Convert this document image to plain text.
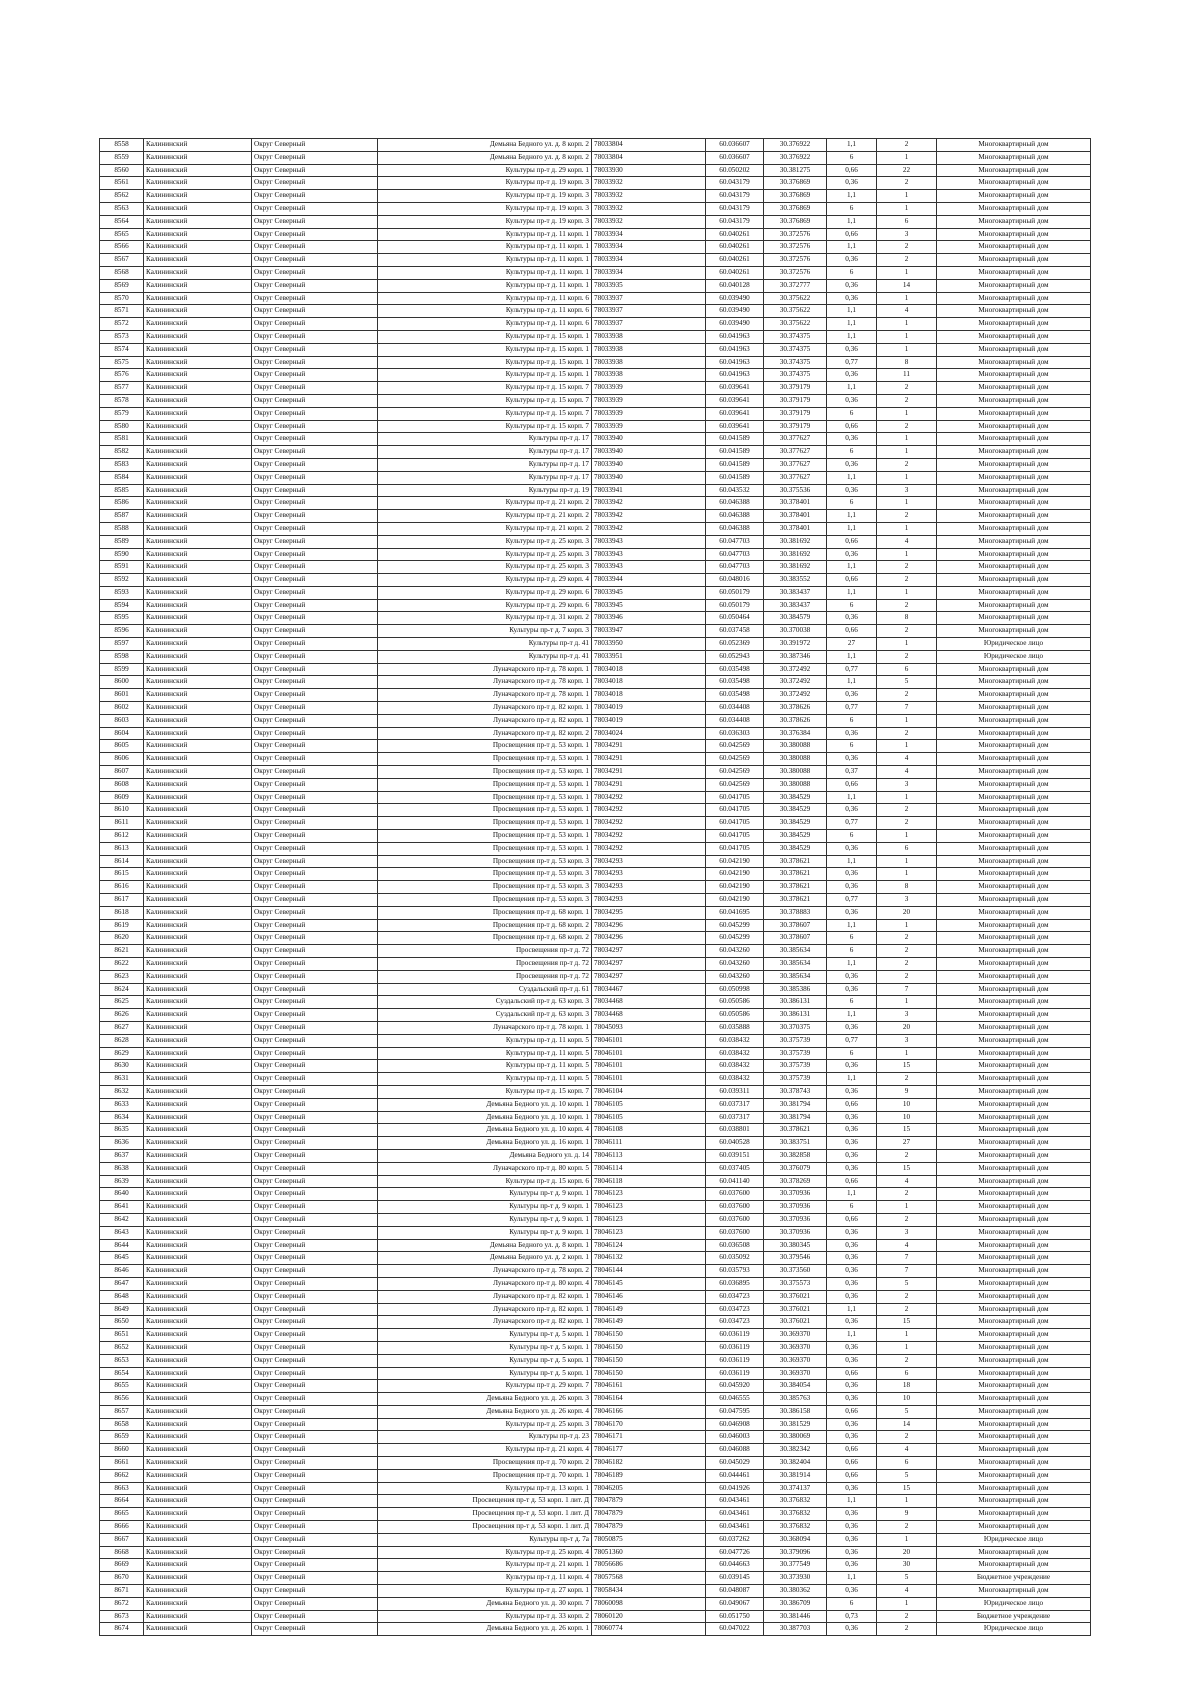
8558	Калининский	Округ Северный	Демьяна Бедного ул. д. 8 корп. 2	78033804	60.036607	30.376922	1,1	2	Многоквартирный дом
8559	Калининский	Округ Северный	Демьяна Бедного ул. д. 8 корп. 2	78033804	60.036607	30.376922	6	1	Многоквартирный дом
8560	Калининский	Округ Северный	Культуры пр-т д. 29 корп. 1	78033930	60.050202	30.381275	0,66	22	Многоквартирный дом
8561	Калининский	Округ Северный	Культуры пр-т д. 19 корп. 3	78033932	60.043179	30.376869	0,36	2	Многоквартирный дом
8562	Калининский	Округ Северный	Культуры пр-т д. 19 корп. 3	78033932	60.043179	30.376869	1,1	1	Многоквартирный дом
8563	Калининский	Округ Северный	Культуры пр-т д. 19 корп. 3	78033932	60.043179	30.376869	6	1	Многоквартирный дом
8564	Калининский	Округ Северный	Культуры пр-т д. 19 корп. 3	78033932	60.043179	30.376869	1,1	6	Многоквартирный дом
8565	Калининский	Округ Северный	Культуры пр-т д. 11 корп. 1	78033934	60.040261	30.372576	0,66	3	Многоквартирный дом
8566	Калининский	Округ Северный	Культуры пр-т д. 11 корп. 1	78033934	60.040261	30.372576	1,1	2	Многоквартирный дом
8567	Калининский	Округ Северный	Культуры пр-т д. 11 корп. 1	78033934	60.040261	30.372576	0,36	2	Многоквартирный дом
8568	Калининский	Округ Северный	Культуры пр-т д. 11 корп. 1	78033934	60.040261	30.372576	6	1	Многоквартирный дом
8569	Калининский	Округ Северный	Культуры пр-т д. 11 корп. 1	78033935	60.040128	30.372777	0,36	14	Многоквартирный дом
8570	Калининский	Округ Северный	Культуры пр-т д. 11 корп. 6	78033937	60.039490	30.375622	0,36	1	Многоквартирный дом
8571	Калининский	Округ Северный	Культуры пр-т д. 11 корп. 6	78033937	60.039490	30.375622	1,1	4	Многоквартирный дом
8572	Калининский	Округ Северный	Культуры пр-т д. 11 корп. 6	78033937	60.039490	30.375622	1,1	1	Многоквартирный дом
8573	Калининский	Округ Северный	Культуры пр-т д. 15 корп. 1	78033938	60.041963	30.374375	1,1	1	Многоквартирный дом
8574	Калининский	Округ Северный	Культуры пр-т д. 15 корп. 1	78033938	60.041963	30.374375	0,36	1	Многоквартирный дом
8575	Калининский	Округ Северный	Культуры пр-т д. 15 корп. 1	78033938	60.041963	30.374375	0,77	8	Многоквартирный дом
8576	Калининский	Округ Северный	Культуры пр-т д. 15 корп. 1	78033938	60.041963	30.374375	0,36	11	Многоквартирный дом
8577	Калининский	Округ Северный	Культуры пр-т д. 15 корп. 7	78033939	60.039641	30.379179	1,1	2	Многоквартирный дом
8578	Калининский	Округ Северный	Культуры пр-т д. 15 корп. 7	78033939	60.039641	30.379179	0,36	2	Многоквартирный дом
8579	Калининский	Округ Северный	Культуры пр-т д. 15 корп. 7	78033939	60.039641	30.379179	6	1	Многоквартирный дом
8580	Калининский	Округ Северный	Культуры пр-т д. 15 корп. 7	78033939	60.039641	30.379179	0,66	2	Многоквартирный дом
8581	Калининский	Округ Северный	Культуры пр-т д. 17	78033940	60.041589	30.377627	0,36	1	Многоквартирный дом
8582	Калининский	Округ Северный	Культуры пр-т д. 17	78033940	60.041589	30.377627	6	1	Многоквартирный дом
8583	Калининский	Округ Северный	Культуры пр-т д. 17	78033940	60.041589	30.377627	0,36	2	Многоквартирный дом
8584	Калининский	Округ Северный	Культуры пр-т д. 17	78033940	60.041589	30.377627	1,1	1	Многоквартирный дом
8585	Калининский	Округ Северный	Культуры пр-т д. 19	78033941	60.043532	30.375536	0,36	3	Многоквартирный дом
8586	Калининский	Округ Северный	Культуры пр-т д. 21 корп. 2	78033942	60.046388	30.378401	6	1	Многоквартирный дом
8587	Калининский	Округ Северный	Культуры пр-т д. 21 корп. 2	78033942	60.046388	30.378401	1,1	2	Многоквартирный дом
8588	Калининский	Округ Северный	Культуры пр-т д. 21 корп. 2	78033942	60.046388	30.378401	1,1	1	Многоквартирный дом
8589	Калининский	Округ Северный	Культуры пр-т д. 25 корп. 3	78033943	60.047703	30.381692	0,66	4	Многоквартирный дом
8590	Калининский	Округ Северный	Культуры пр-т д. 25 корп. 3	78033943	60.047703	30.381692	0,36	1	Многоквартирный дом
8591	Калининский	Округ Северный	Культуры пр-т д. 25 корп. 3	78033943	60.047703	30.381692	1,1	2	Многоквартирный дом
8592	Калининский	Округ Северный	Культуры пр-т д. 29 корп. 4	78033944	60.048016	30.383552	0,66	2	Многоквартирный дом
8593	Калининский	Округ Северный	Культуры пр-т д. 29 корп. 6	78033945	60.050179	30.383437	1,1	1	Многоквартирный дом
8594	Калининский	Округ Северный	Культуры пр-т д. 29 корп. 6	78033945	60.050179	30.383437	6	2	Многоквартирный дом
8595	Калининский	Округ Северный	Культуры пр-т д. 31 корп. 2	78033946	60.050464	30.384579	0,36	8	Многоквартирный дом
8596	Калининский	Округ Северный	Культуры пр-т д. 7 корп. 3	78033947	60.037458	30.370038	0,66	2	Многоквартирный дом
8597	Калининский	Округ Северный	Культуры пр-т д. 41	78033950	60.052369	30.391972	27	1	Юридическое лицо
8598	Калининский	Округ Северный	Культуры пр-т д. 41	78033951	60.052943	30.387346	1,1	2	Юридическое лицо
8599	Калининский	Округ Северный	Луначарского пр-т д. 78 корп. 1	78034018	60.035498	30.372492	0,77	6	Многоквартирный дом
8600	Калининский	Округ Северный	Луначарского пр-т д. 78 корп. 1	78034018	60.035498	30.372492	1,1	5	Многоквартирный дом
8601	Калининский	Округ Северный	Луначарского пр-т д. 78 корп. 1	78034018	60.035498	30.372492	0,36	2	Многоквартирный дом
8602	Калининский	Округ Северный	Луначарского пр-т д. 82 корп. 1	78034019	60.034408	30.378626	0,77	7	Многоквартирный дом
8603	Калининский	Округ Северный	Луначарского пр-т д. 82 корп. 1	78034019	60.034408	30.378626	6	1	Многоквартирный дом
8604	Калининский	Округ Северный	Луначарского пр-т д. 82 корп. 2	78034024	60.036303	30.376384	0,36	2	Многоквартирный дом
8605	Калининский	Округ Северный	Просвещения пр-т д. 53 корп. 1	78034291	60.042569	30.380088	6	1	Многоквартирный дом
8606	Калининский	Округ Северный	Просвещения пр-т д. 53 корп. 1	78034291	60.042569	30.380088	0,36	4	Многоквартирный дом
8607	Калининский	Округ Северный	Просвещения пр-т д. 53 корп. 1	78034291	60.042569	30.380088	0,37	4	Многоквартирный дом
8608	Калининский	Округ Северный	Просвещения пр-т д. 53 корп. 1	78034291	60.042569	30.380088	0,66	3	Многоквартирный дом
8609	Калининский	Округ Северный	Просвещения пр-т д. 53 корп. 1	78034292	60.041705	30.384529	1,1	1	Многоквартирный дом
8610	Калининский	Округ Северный	Просвещения пр-т д. 53 корп. 1	78034292	60.041705	30.384529	0,36	2	Многоквартирный дом
8611	Калининский	Округ Северный	Просвещения пр-т д. 53 корп. 1	78034292	60.041705	30.384529	0,77	2	Многоквартирный дом
8612	Калининский	Округ Северный	Просвещения пр-т д. 53 корп. 1	78034292	60.041705	30.384529	6	1	Многоквартирный дом
8613	Калининский	Округ Северный	Просвещения пр-т д. 53 корп. 1	78034292	60.041705	30.384529	0,36	6	Многоквартирный дом
8614	Калининский	Округ Северный	Просвещения пр-т д. 53 корп. 3	78034293	60.042190	30.378621	1,1	1	Многоквартирный дом
8615	Калининский	Округ Северный	Просвещения пр-т д. 53 корп. 3	78034293	60.042190	30.378621	0,36	1	Многоквартирный дом
8616	Калининский	Округ Северный	Просвещения пр-т д. 53 корп. 3	78034293	60.042190	30.378621	0,36	8	Многоквартирный дом
8617	Калининский	Округ Северный	Просвещения пр-т д. 53 корп. 3	78034293	60.042190	30.378621	0,77	3	Многоквартирный дом
8618	Калининский	Округ Северный	Просвещения пр-т д. 68 корп. 1	78034295	60.041695	30.378883	0,36	20	Многоквартирный дом
8619	Калининский	Округ Северный	Просвещения пр-т д. 68 корп. 2	78034296	60.045299	30.378607	1,1	1	Многоквартирный дом
8620	Калининский	Округ Северный	Просвещения пр-т д. 68 корп. 2	78034296	60.045299	30.378607	6	2	Многоквартирный дом
8621	Калининский	Округ Северный	Просвещения пр-т д. 72	78034297	60.043260	30.385634	6	2	Многоквартирный дом
8622	Калининский	Округ Северный	Просвещения пр-т д. 72	78034297	60.043260	30.385634	1,1	2	Многоквартирный дом
8623	Калининский	Округ Северный	Просвещения пр-т д. 72	78034297	60.043260	30.385634	0,36	2	Многоквартирный дом
8624	Калининский	Округ Северный	Суздальский пр-т д. 61	78034467	60.050998	30.385386	0,36	7	Многоквартирный дом
8625	Калининский	Округ Северный	Суздальский пр-т д. 63 корп. 3	78034468	60.050586	30.386131	6	1	Многоквартирный дом
8626	Калининский	Округ Северный	Суздальский пр-т д. 63 корп. 3	78034468	60.050586	30.386131	1,1	3	Многоквартирный дом
8627	Калининский	Округ Северный	Луначарского пр-т д. 78 корп. 1	78045093	60.035888	30.370375	0,36	20	Многоквартирный дом
8628	Калининский	Округ Северный	Культуры пр-т д. 11 корп. 5	78046101	60.038432	30.375739	0,77	3	Многоквартирный дом
8629	Калининский	Округ Северный	Культуры пр-т д. 11 корп. 5	78046101	60.038432	30.375739	6	1	Многоквартирный дом
8630	Калининский	Округ Северный	Культуры пр-т д. 11 корп. 5	78046101	60.038432	30.375739	0,36	15	Многоквартирный дом
8631	Калининский	Округ Северный	Культуры пр-т д. 11 корп. 5	78046101	60.038432	30.375739	1,1	2	Многоквартирный дом
8632	Калининский	Округ Северный	Культуры пр-т д. 15 корп. 7	78046104	60.039311	30.378743	0,36	9	Многоквартирный дом
8633	Калининский	Округ Северный	Демьяна Бедного ул. д. 10 корп. 1	78046105	60.037317	30.381794	0,66	10	Многоквартирный дом
8634	Калининский	Округ Северный	Демьяна Бедного ул. д. 10 корп. 1	78046105	60.037317	30.381794	0,36	10	Многоквартирный дом
8635	Калининский	Округ Северный	Демьяна Бедного ул. д. 10 корп. 4	78046108	60.038801	30.378621	0,36	15	Многоквартирный дом
8636	Калининский	Округ Северный	Демьяна Бедного ул. д. 16 корп. 1	78046111	60.040528	30.383751	0,36	27	Многоквартирный дом
8637	Калининский	Округ Северный	Демьяна Бедного ул. д. 14	78046113	60.039151	30.382858	0,36	2	Многоквартирный дом
8638	Калининский	Округ Северный	Луначарского пр-т д. 80 корп. 5	78046114	60.037405	30.376079	0,36	15	Многоквартирный дом
8639	Калининский	Округ Северный	Культуры пр-т д. 15 корп. 6	78046118	60.041140	30.378269	0,66	4	Многоквартирный дом
8640	Калининский	Округ Северный	Культуры пр-т д. 9 корп. 1	78046123	60.037600	30.370936	1,1	2	Многоквартирный дом
8641	Калининский	Округ Северный	Культуры пр-т д. 9 корп. 1	78046123	60.037600	30.370936	6	1	Многоквартирный дом
8642	Калининский	Округ Северный	Культуры пр-т д. 9 корп. 1	78046123	60.037600	30.370936	0,66	2	Многоквартирный дом
8643	Калининский	Округ Северный	Культуры пр-т д. 9 корп. 1	78046123	60.037600	30.370936	0,36	3	Многоквартирный дом
8644	Калининский	Округ Северный	Демьяна Бедного ул. д. 8 корп. 1	78046124	60.036508	30.380345	0,36	4	Многоквартирный дом
8645	Калининский	Округ Северный	Демьяна Бедного ул. д. 2 корп. 1	78046132	60.035092	30.379546	0,36	7	Многоквартирный дом
8646	Калининский	Округ Северный	Луначарского пр-т д. 78 корп. 2	78046144	60.035793	30.373560	0,36	7	Многоквартирный дом
8647	Калининский	Округ Северный	Луначарского пр-т д. 80 корп. 4	78046145	60.036895	30.375573	0,36	5	Многоквартирный дом
8648	Калининский	Округ Северный	Луначарского пр-т д. 82 корп. 1	78046146	60.034723	30.376021	0,36	2	Многоквартирный дом
8649	Калининский	Округ Северный	Луначарского пр-т д. 82 корп. 1	78046149	60.034723	30.376021	1,1	2	Многоквартирный дом
8650	Калининский	Округ Северный	Луначарского пр-т д. 82 корп. 1	78046149	60.034723	30.376021	0,36	15	Многоквартирный дом
8651	Калининский	Округ Северный	Культуры пр-т д. 5 корп. 1	78046150	60.036119	30.369370	1,1	1	Многоквартирный дом
8652	Калининский	Округ Северный	Культуры пр-т д. 5 корп. 1	78046150	60.036119	30.369370	0,36	1	Многоквартирный дом
8653	Калининский	Округ Северный	Культуры пр-т д. 5 корп. 1	78046150	60.036119	30.369370	0,36	2	Многоквартирный дом
8654	Калининский	Округ Северный	Культуры пр-т д. 5 корп. 1	78046150	60.036119	30.369370	0,66	6	Многоквартирный дом
8655	Калининский	Округ Северный	Культуры пр-т д. 29 корп. 7	78046161	60.045920	30.384054	0,36	18	Многоквартирный дом
8656	Калининский	Округ Северный	Демьяна Бедного ул. д. 26 корп. 3	78046164	60.046555	30.385763	0,36	10	Многоквартирный дом
8657	Калининский	Округ Северный	Демьяна Бедного ул. д. 26 корп. 4	78046166	60.047595	30.386158	0,66	5	Многоквартирный дом
8658	Калининский	Округ Северный	Культуры пр-т д. 25 корп. 3	78046170	60.046908	30.381529	0,36	14	Многоквартирный дом
8659	Калининский	Округ Северный	Культуры пр-т д. 23	78046171	60.046003	30.380069	0,36	2	Многоквартирный дом
8660	Калининский	Округ Северный	Культуры пр-т д. 21 корп. 4	78046177	60.046088	30.382342	0,66	4	Многоквартирный дом
8661	Калининский	Округ Северный	Просвещения пр-т д. 70 корп. 2	78046182	60.045029	30.382404	0,66	6	Многоквартирный дом
8662	Калининский	Округ Северный	Просвещения пр-т д. 70 корп. 1	78046189	60.044461	30.381914	0,66	5	Многоквартирный дом
8663	Калининский	Округ Северный	Культуры пр-т д. 13 корп. 1	78046205	60.041926	30.374137	0,36	15	Многоквартирный дом
8664	Калининский	Округ Северный	Просвещения пр-т д. 53 корп. 1 лит. Д	78047879	60.043461	30.376832	1,1	1	Многоквартирный дом
8665	Калининский	Округ Северный	Просвещения пр-т д. 53 корп. 1 лит. Д	78047879	60.043461	30.376832	0,36	9	Многоквартирный дом
8666	Калининский	Округ Северный	Просвещения пр-т д. 53 корп. 1 лит. Д	78047879	60.043461	30.376832	0,36	2	Многоквартирный дом
8667	Калининский	Округ Северный	Культуры пр-т д. 7а	78050875	60.037262	30.368094	0,36	1	Юридическое лицо
8668	Калининский	Округ Северный	Культуры пр-т д. 25 корп. 4	78051360	60.047726	30.379096	0,36	20	Многоквартирный дом
8669	Калининский	Округ Северный	Культуры пр-т д. 21 корп. 1	78056686	60.044663	30.377549	0,36	30	Многоквартирный дом
8670	Калининский	Округ Северный	Культуры пр-т д. 11 корп. 4	78057568	60.039145	30.373930	1,1	5	Бюджетное учреждение
8671	Калининский	Округ Северный	Культуры пр-т д. 27 корп. 1	78058434	60.048087	30.380362	0,36	4	Многоквартирный дом
8672	Калининский	Округ Северный	Демьяна Бедного ул. д. 30 корп. 7	78060098	60.049067	30.386709	6	1	Юридическое лицо
8673	Калининский	Округ Северный	Культуры пр-т д. 33 корп. 2	78060120	60.051750	30.381446	0,73	2	Бюджетное учреждение
8674	Калининский	Округ Северный	Демьяна Бедного ул. д. 26 корп. 1	78060774	60.047022	30.387703	0,36	2	Юридическое лицо
